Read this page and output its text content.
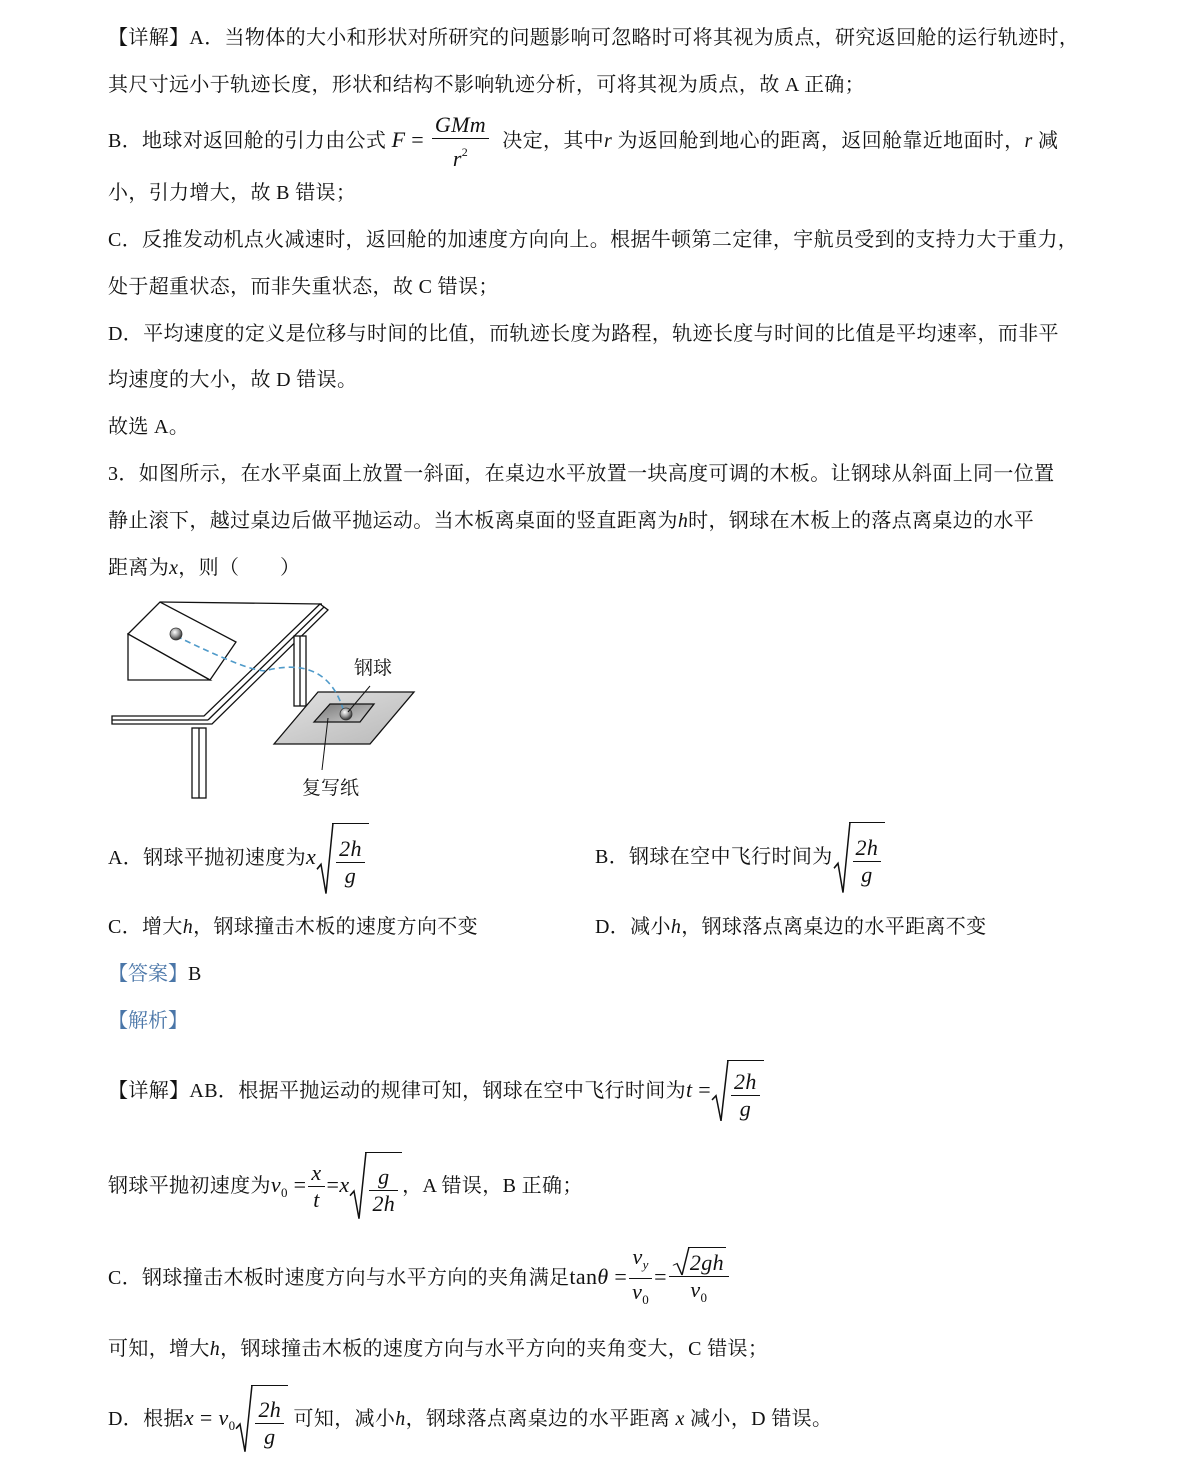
【详解】A．当物体的大小和形状对所研究的问题影响可忽略时可将其视为质点，研究返回舱的运行轨迹时，
其尺寸远小于轨迹长度，形状和结构不影响轨迹分析，可将其视为质点，故 A 正确；
B．地球对返回舱的引力由公式 $F = \frac{\text{GMm}}{r^2}$ 决定，其中r 为返回舱到地心的距离，返回舱靠近地面时，r 减
小，引力增大，故 B 错误；
C．反推发动机点火减速时，返回舱的加速度方向向上。根据牛顿第二定律，宇航员受到的支持力大于重力，
处于超重状态，而非失重状态，故 C 错误；
D．平均速度的定义是位移与时间的比值，而轨迹长度为路程，轨迹长度与时间的比值是平均速率，而非平
均速度的大小，故 D 错误。
故选 A。
3．如图所示，在水平桌面上放置一斜面，在桌边水平放置一块高度可调的木板。让钢球从斜面上同一位置
静止滚下，越过桌边后做平抛运动。当木板离桌面的竖直距离为h时，钢球在木板上的落点离桌边的水平
距离为x，则（　　）
钢球
复写纸
A．钢球平抛初速度为x $\frac{2h}{g}$	B．钢球在空中飞行时间为 $\frac{2h}{g}$
C．增大h，钢球撞击木板的速度方向不变	D．减小h，钢球落点离桌边的水平距离不变
【答案】B
【解析】
【详解】AB．根据平抛运动的规律可知，钢球在空中飞行时间为$t = \frac{2h}{g}$
钢球平抛初速度为$v_0 = \frac{x}{t} =x \frac{g}{2h}$ ，A 错误，B 正确；
C．钢球撞击木板时速度方向与水平方向的夹角满足$\tan\theta = \frac{v_y}{v_0} = \frac{2gh}{v_0}$
可知，增大h，钢球撞击木板的速度方向与水平方向的夹角变大，C 错误；
D．根据$x = v_0 \frac{2h}{g}$ 可知，减小h，钢球落点离桌边的水平距离 x 减小，D 错误。
